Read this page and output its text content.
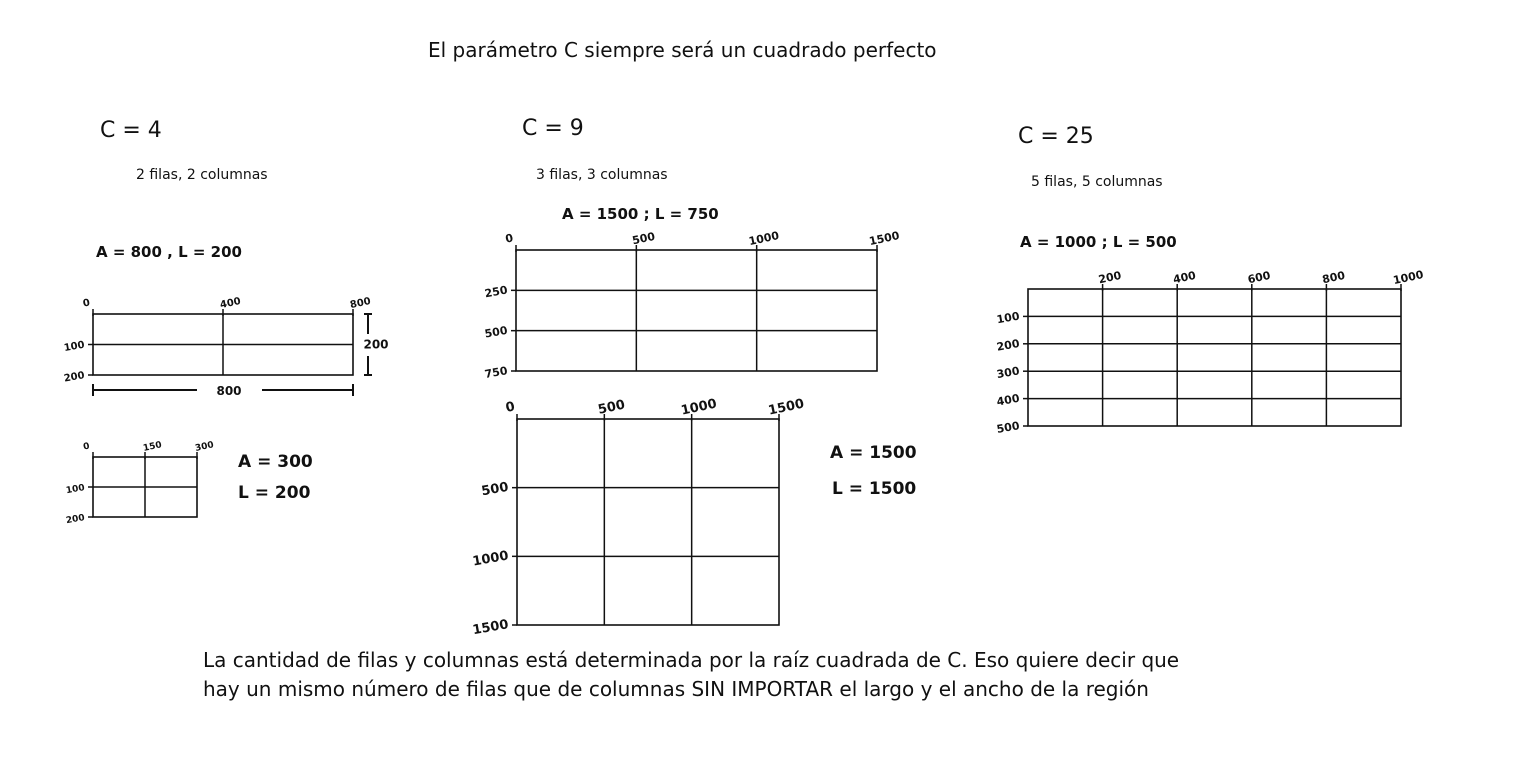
El parámetro C siempre será un cuadrado perfecto
C = 4
2 filas, 2 columnas
A = 800 , L = 200
A = 300
L = 200
C = 9
3 filas, 3 columnas
A = 1500 ; L = 750
A = 1500
L = 1500
C = 25
5 filas, 5 columnas
A = 1000 ; L = 500
La cantidad de filas y columnas está determinada por la raíz cuadrada de C. Eso quiere decir que
hay un mismo número de filas que de columnas SIN IMPORTAR el largo y el ancho de la región
0	400	800
100
200
200
800
0	150	300
100
200
0	500	1000	1500
250
500
750
0	500	1000	1500
500
1000
1500
200	400	600	800	1000
100
200
300
400
500
